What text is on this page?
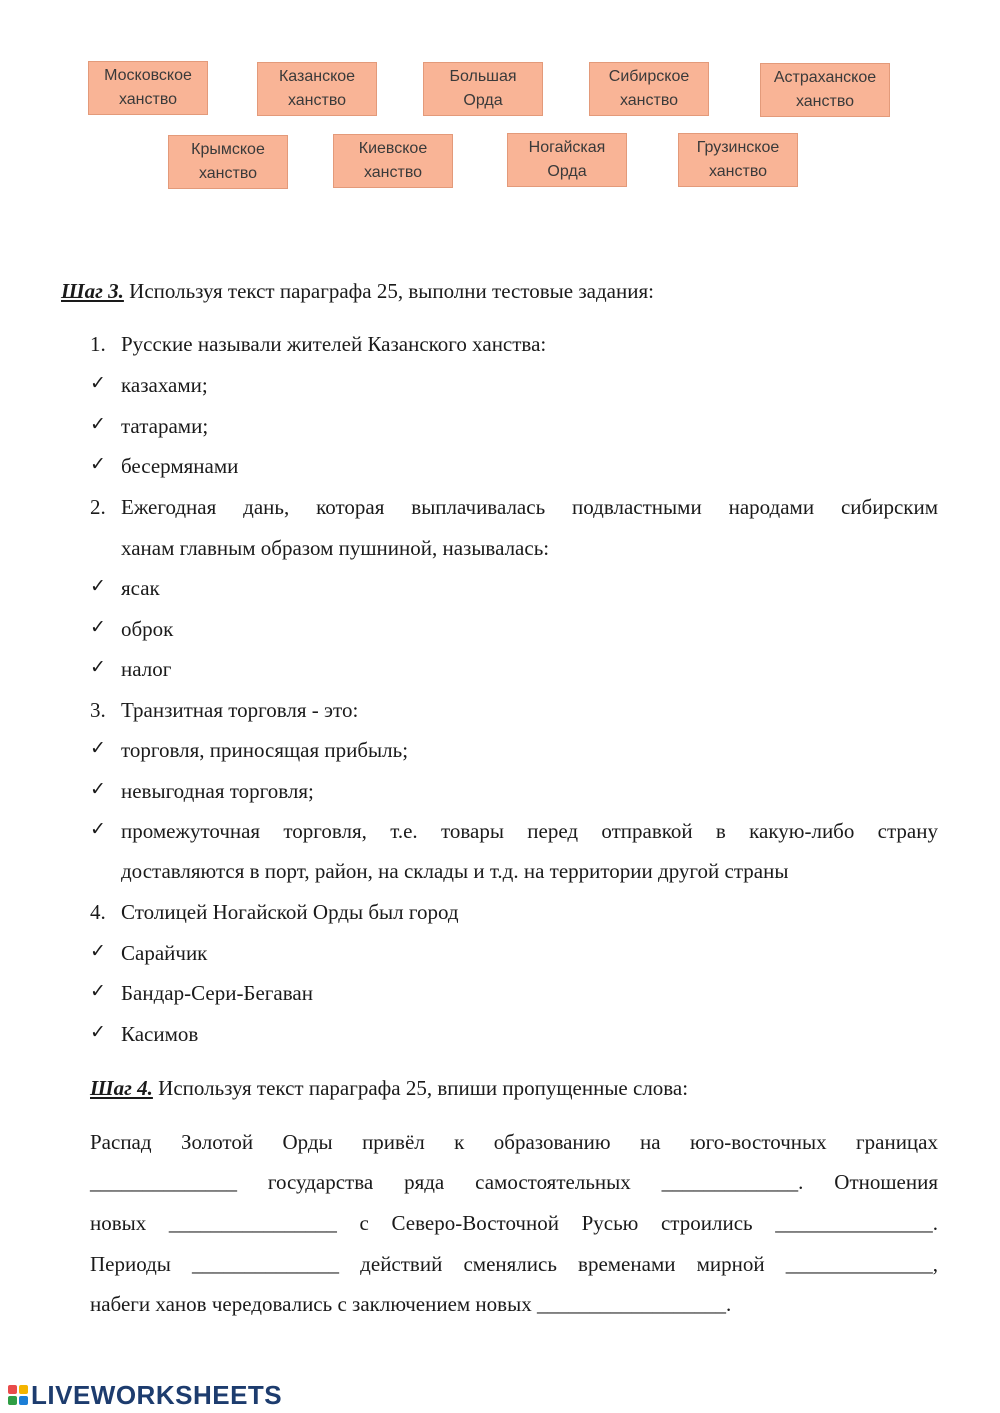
Московское
ханство
Казанское
ханство
Большая
Орда
Сибирское
ханство
Астраханское
ханство
Крымское
ханство
Киевское
ханство
Ногайская
Орда
Грузинское
ханство
Шаг 3. Используя текст параграфа 25, выполни тестовые задания:
1. Русские называли жителей Казанского ханства:
✓ казахами;
✓ татарами;
✓ бесермянами
2. Ежегодная дань, которая выплачивалась подвластными народами сибирским
ханам главным образом пушниной, называлась:
✓ ясак
✓ оброк
✓ налог
3. Транзитная торговля - это:
✓ торговля, приносящая прибыль;
✓ невыгодная торговля;
✓ промежуточная торговля, т.е. товары перед отправкой в какую-либо страну
доставляются в порт, район, на склады и т.д. на территории другой страны
4. Столицей Ногайской Орды был город
✓ Сарайчик
✓ Бандар-Сери-Бегаван
✓ Касимов
Шаг 4. Используя текст параграфа 25, впиши пропущенные слова:
Распад Золотой Орды привёл к образованию на юго-восточных границах
______________ государства ряда самостоятельных _____________. Отношения
новых ________________ с Северо-Восточной Русью строились _______________.
Периоды ______________ действий сменялись временами мирной ______________,
набеги ханов чередовались с заключением новых __________________.
LIVEWORKSHEETS
